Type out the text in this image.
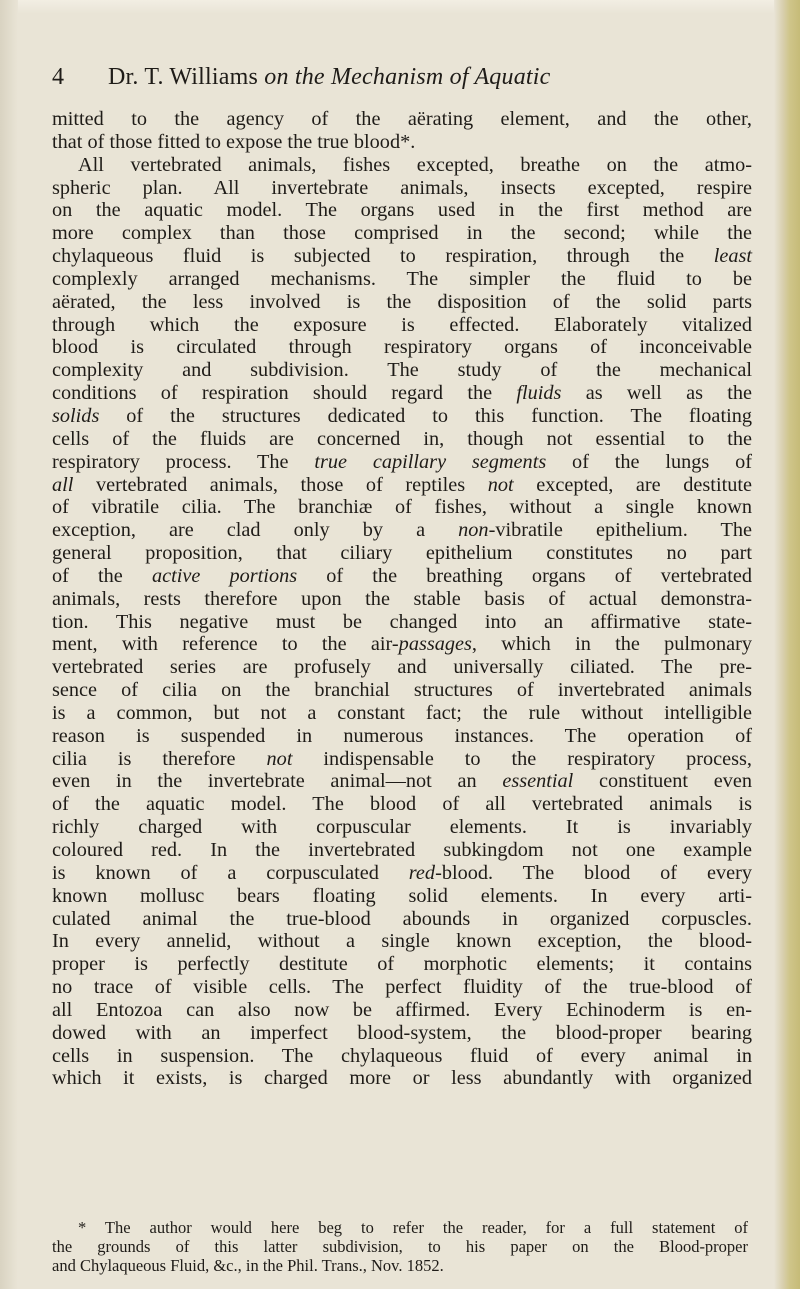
4 Dr. T. Williams on the Mechanism of Aquatic
mitted to the agency of the aërating element, and the other,
that of those fitted to expose the true blood*.
All vertebrated animals, fishes excepted, breathe on the atmo-
spheric plan. All invertebrate animals, insects excepted, respire
on the aquatic model. The organs used in the first method are
more complex than those comprised in the second; while the
chylaqueous fluid is subjected to respiration, through the least
complexly arranged mechanisms. The simpler the fluid to be
aërated, the less involved is the disposition of the solid parts
through which the exposure is effected. Elaborately vitalized
blood is circulated through respiratory organs of inconceivable
complexity and subdivision. The study of the mechanical
conditions of respiration should regard the fluids as well as the
solids of the structures dedicated to this function. The floating
cells of the fluids are concerned in, though not essential to the
respiratory process. The true capillary segments of the lungs of
all vertebrated animals, those of reptiles not excepted, are destitute
of vibratile cilia. The branchiæ of fishes, without a single known
exception, are clad only by a non-vibratile epithelium. The
general proposition, that ciliary epithelium constitutes no part
of the active portions of the breathing organs of vertebrated
animals, rests therefore upon the stable basis of actual demonstra-
tion. This negative must be changed into an affirmative state-
ment, with reference to the air-passages, which in the pulmonary
vertebrated series are profusely and universally ciliated. The pre-
sence of cilia on the branchial structures of invertebrated animals
is a common, but not a constant fact; the rule without intelligible
reason is suspended in numerous instances. The operation of
cilia is therefore not indispensable to the respiratory process,
even in the invertebrate animal—not an essential constituent even
of the aquatic model. The blood of all vertebrated animals is
richly charged with corpuscular elements. It is invariably
coloured red. In the invertebrated subkingdom not one example
is known of a corpusculated red-blood. The blood of every
known mollusc bears floating solid elements. In every arti-
culated animal the true-blood abounds in organized corpuscles.
In every annelid, without a single known exception, the blood-
proper is perfectly destitute of morphotic elements; it contains
no trace of visible cells. The perfect fluidity of the true-blood of
all Entozoa can also now be affirmed. Every Echinoderm is en-
dowed with an imperfect blood-system, the blood-proper bearing
cells in suspension. The chylaqueous fluid of every animal in
which it exists, is charged more or less abundantly with organized
* The author would here beg to refer the reader, for a full statement of
the grounds of this latter subdivision, to his paper on the Blood-proper
and Chylaqueous Fluid, &c., in the Phil. Trans., Nov. 1852.
